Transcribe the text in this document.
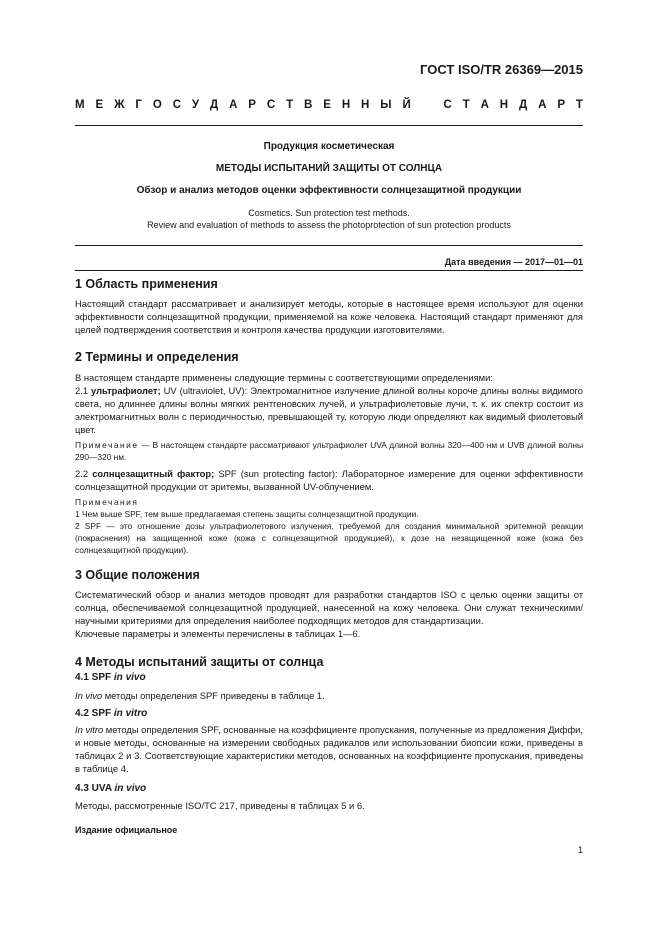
ГОСТ ISO/TR 26369—2015
М Е Ж Г О С У Д А Р С Т В Е Н Н Ы Й	С Т А Н Д А Р Т
Продукция косметическая
МЕТОДЫ ИСПЫТАНИЙ ЗАЩИТЫ ОТ СОЛНЦА
Обзор и анализ методов оценки эффективности солнцезащитной продукции
Cosmetics. Sun protection test methods.
Review and evaluation of methods to assess the photoprotection of sun protection products
Дата введения — 2017—01—01
1 Область применения

Настоящий стандарт рассматривает и анализирует методы, которые в настоящее время используют для оценки эффективности солнцезащитной продукции, применяемой на коже человека. Настоящий стандарт применяют для целей подтверждения соответствия и контроля качества продукции изготовителями.

2 Термины и определения

В настоящем стандарте применены следующие термины с соответствующими определениями:

2.1 ультрафиолет; UV (ultraviolet, UV): Электромагнитное излучение длиной волны короче длины волны видимого света, но длиннее длины волны мягких рентгеновских лучей, и ультрафиолетовые лучи, т. к. их спектр состоит из электромагнитных волн с периодичностью, превышающей ту, которую люди определяют как видимый фиолетовый цвет.

Примечание — В настоящем стандарте рассматривают ультрафиолет UVA длиной волны 320—400 нм и UVB длиной волны 290—320 нм.

2.2 солнцезащитный фактор; SPF (sun protecting factor): Лабораторное измерение для оценки эффективности солнцезащитной продукции от эритемы, вызванной UV-облучением.

Примечания

1 Чем выше SPF, тем выше предлагаемая степень защиты солнцезащитной продукции.

2 SPF — это отношение дозы ультрафиолетового излучения, требуемой для создания минимальной эритемной реакции (покраснения) на защищенной коже (кожа с солнцезащитной продукцией), к дозе на незащищенной коже (кожа без солнцезащитной продукции).

3 Общие положения

Систематический обзор и анализ методов проводят для разработки стандартов ISO с целью оценки защиты от солнца, обеспечиваемой солнцезащитной продукцией, нанесенной на кожу человека. Они служат техническими/научными критериями для определения наиболее подходящих методов для стандартизации.

Ключевые параметры и элементы перечислены в таблицах 1—6.

4 Методы испытаний защиты от солнца
4.1 SPF in vivo

In vivo методы определения SPF приведены в таблице 1.

4.2 SPF in vitro

In vitro методы определения SPF, основанные на коэффициенте пропускания, полученные из предложения Диффи, и новые методы, основанные на измерении свободных радикалов или использовании биопсии кожи, приведены в таблицах 2 и 3. Соответствующие характеристики методов, основанных на коэффициенте пропускания, приведены в таблице 4.

4.3 UVA in vivo

Методы, рассмотренные ISO/TC 217, приведены в таблицах 5 и 6.

Издание официальное
1
